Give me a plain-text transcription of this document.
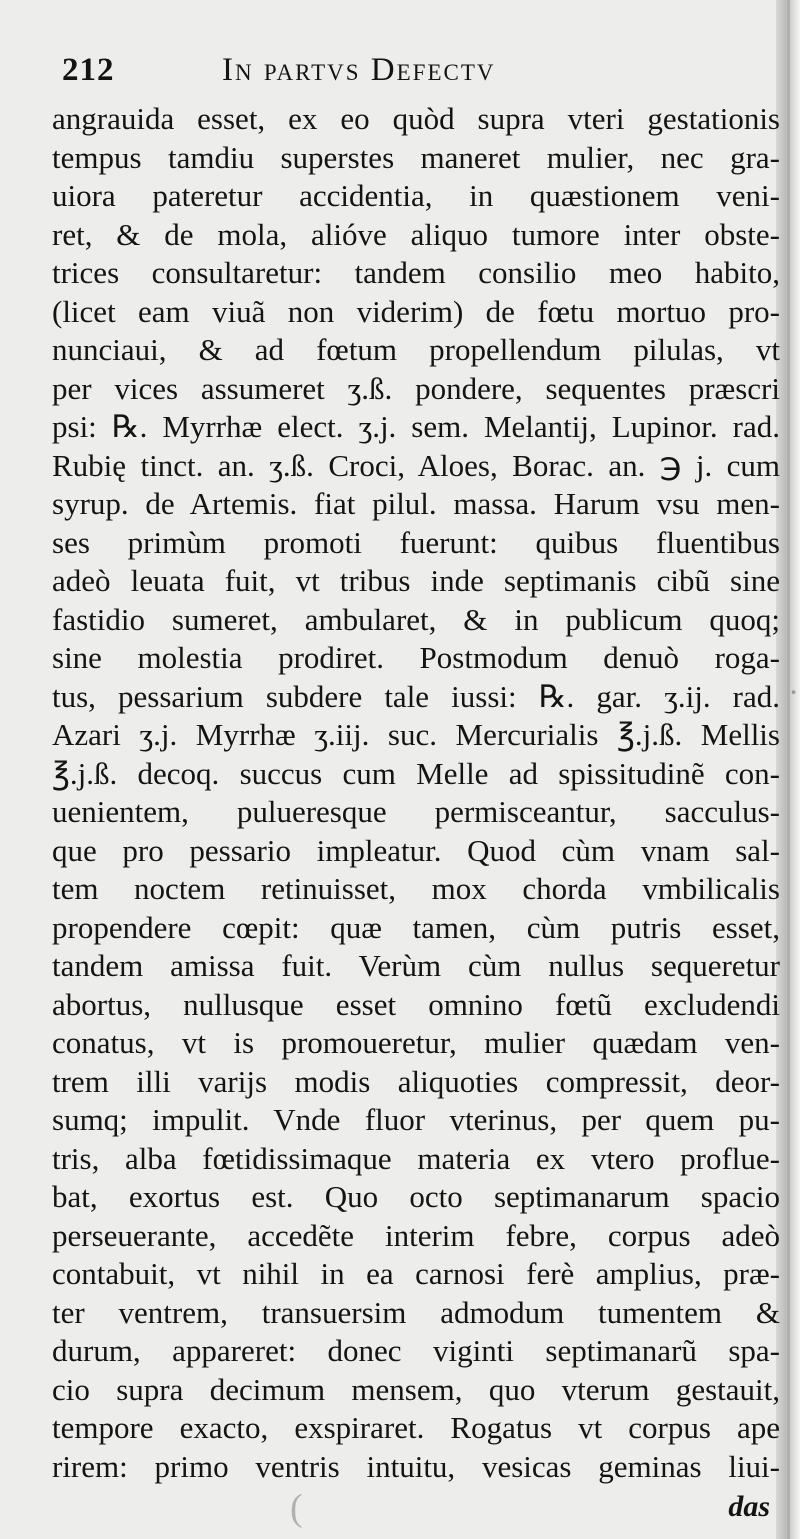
·
212	In partvs Defectv
angrauida esset, ex eo quòd supra vteri gestationis
tempus tamdiu superstes maneret mulier, nec gra-
uiora pateretur accidentia, in quæstionem veni-
ret, & de mola, alióve aliquo tumore inter obste-
trices consultaretur: tandem consilio meo habito,
(licet eam viuã non viderim) de fœtu mortuo pro-
nunciaui, & ad fœtum propellendum pilulas, vt
per vices assumeret ʒ.ß. pondere, sequentes præscri
psi: ℞. Myrrhæ elect. ʒ.j. sem. Melantij, Lupinor. rad.
Rubię tinct. an. ʒ.ß. Croci, Aloes, Borac. an. ℈ j. cum
syrup. de Artemis. fiat pilul. massa. Harum vsu men-
ses primùm promoti fuerunt: quibus fluentibus
adeò leuata fuit, vt tribus inde septimanis cibũ sine
fastidio sumeret, ambularet, & in publicum quoq;
sine molestia prodiret. Postmodum denuò roga-
tus, pessarium subdere tale iussi: ℞. gar. ʒ.ij. rad.
Azari ʒ.j. Myrrhæ ʒ.iij. suc. Mercurialis ℥.j.ß. Mellis
℥.j.ß. decoq. succus cum Melle ad spissitudinẽ con-
uenientem, pulueresque permisceantur, sacculus-
que pro pessario impleatur. Quod cùm vnam sal-
tem noctem retinuisset, mox chorda vmbilicalis
propendere cœpit: quæ tamen, cùm putris esset,
tandem amissa fuit. Verùm cùm nullus sequeretur
abortus, nullusque esset omnino fœtũ excludendi
conatus, vt is promoueretur, mulier quædam ven-
trem illi varijs modis aliquoties compressit, deor-
sumq; impulit. Vnde fluor vterinus, per quem pu-
tris, alba fœtidissimaque materia ex vtero proflue-
bat, exortus est. Quo octo septimanarum spacio
perseuerante, accedẽte interim febre, corpus adeò
contabuit, vt nihil in ea carnosi ferè amplius, præ-
ter ventrem, transuersim admodum tumentem &
durum, appareret: donec viginti septimanarũ spa-
cio supra decimum mensem, quo vterum gestauit,
tempore exacto, exspiraret. Rogatus vt corpus ape
rirem: primo ventris intuitu, vesicas geminas liui-
(	das
